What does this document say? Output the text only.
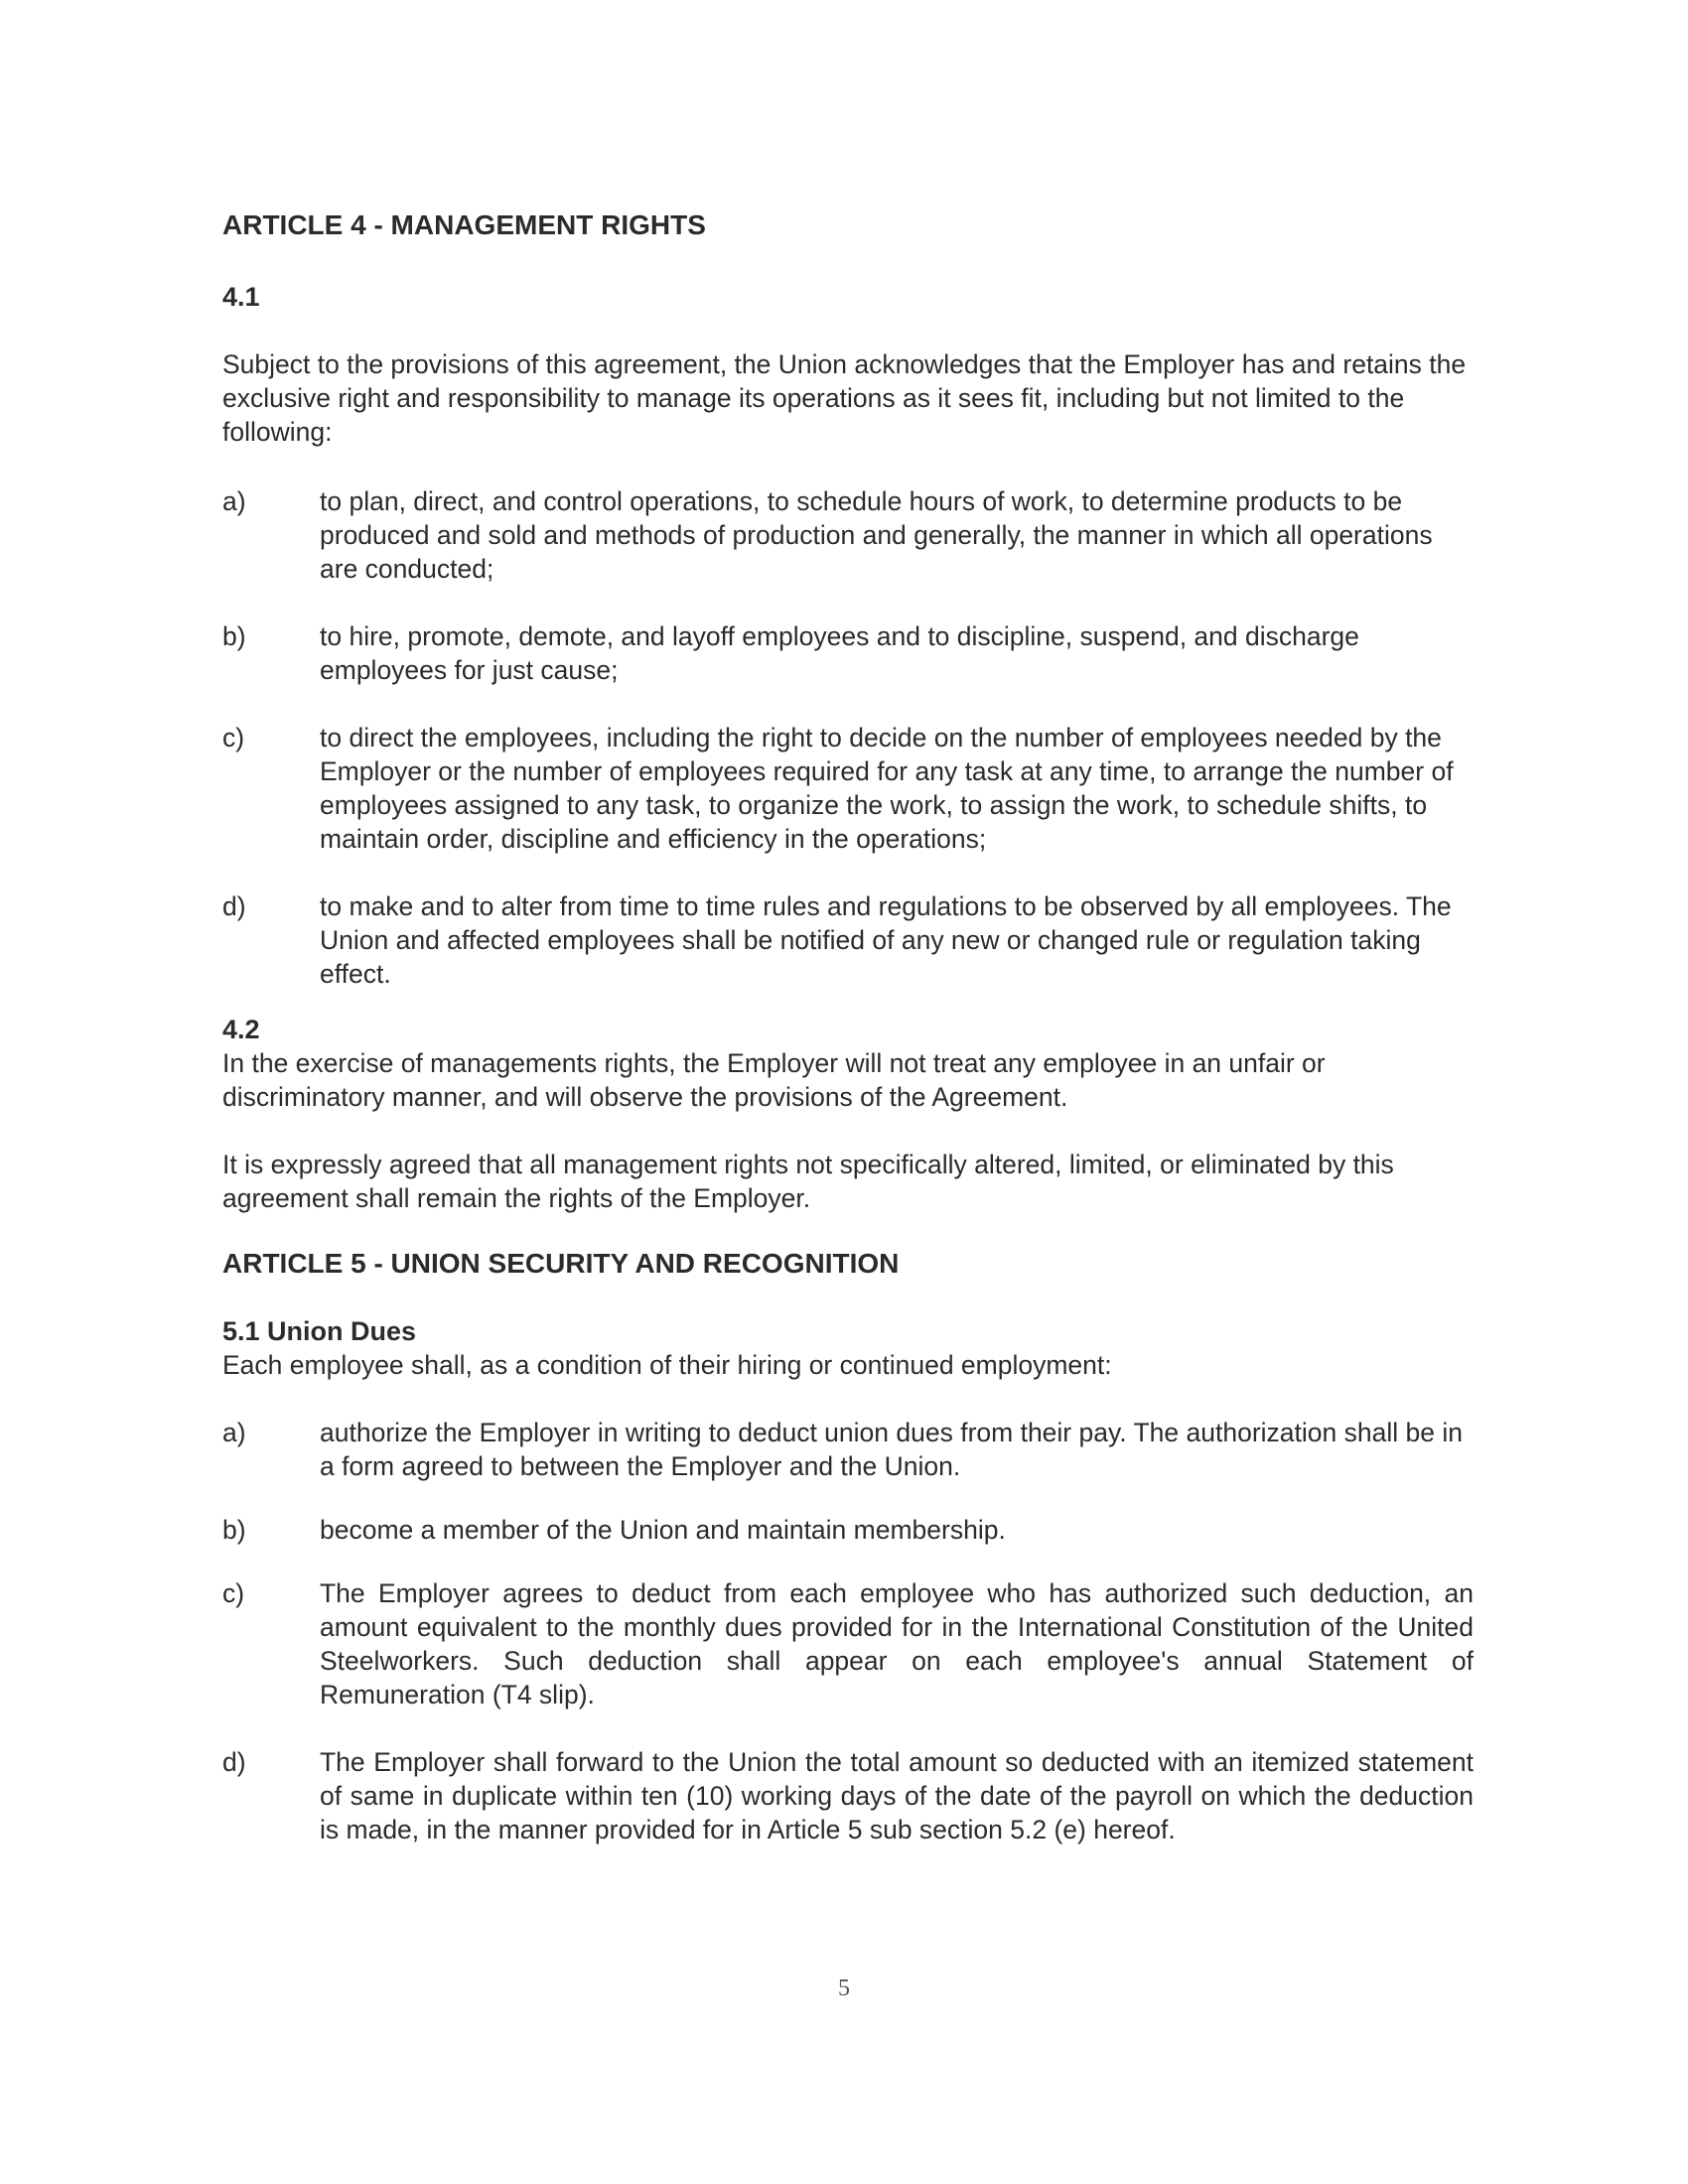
ARTICLE 4 - MANAGEMENT RIGHTS
4.1

Subject to the provisions of this agreement, the Union acknowledges that the Employer has and retains the exclusive right and responsibility to manage its operations as it sees fit, including but not limited to the following:

a)	to plan, direct, and control operations, to schedule hours of work, to determine products to be produced and sold and methods of production and generally, the manner in which all operations are conducted;
b)	to hire, promote, demote, and layoff employees and to discipline, suspend, and discharge employees for just cause;
c)	to direct the employees, including the right to decide on the number of employees needed by the Employer or the number of employees required for any task at any time, to arrange the number of employees assigned to any task, to organize the work, to assign the work, to schedule shifts, to maintain order, discipline and efficiency in the operations;
d)	to make and to alter from time to time rules and regulations to be observed by all employees. The Union and affected employees shall be notified of any new or changed rule or regulation taking effect.
4.2

In the exercise of managements rights, the Employer will not treat any employee in an unfair or discriminatory manner, and will observe the provisions of the Agreement.

It is expressly agreed that all management rights not specifically altered, limited, or eliminated by this agreement shall remain the rights of the Employer.

ARTICLE 5 - UNION SECURITY AND RECOGNITION
5.1 Union Dues

Each employee shall, as a condition of their hiring or continued employment:

a)	authorize the Employer in writing to deduct union dues from their pay. The authorization shall be in a form agreed to between the Employer and the Union.
b)	become a member of the Union and maintain membership.
c)	The Employer agrees to deduct from each employee who has authorized such deduction, an amount equivalent to the monthly dues provided for in the International Constitution of the United Steelworkers. Such deduction shall appear on each employee's annual Statement of Remuneration (T4 slip).
d)	The Employer shall forward to the Union the total amount so deducted with an itemized statement of same in duplicate within ten (10) working days of the date of the payroll on which the deduction is made, in the manner provided for in Article 5 sub section 5.2 (e) hereof.
5
